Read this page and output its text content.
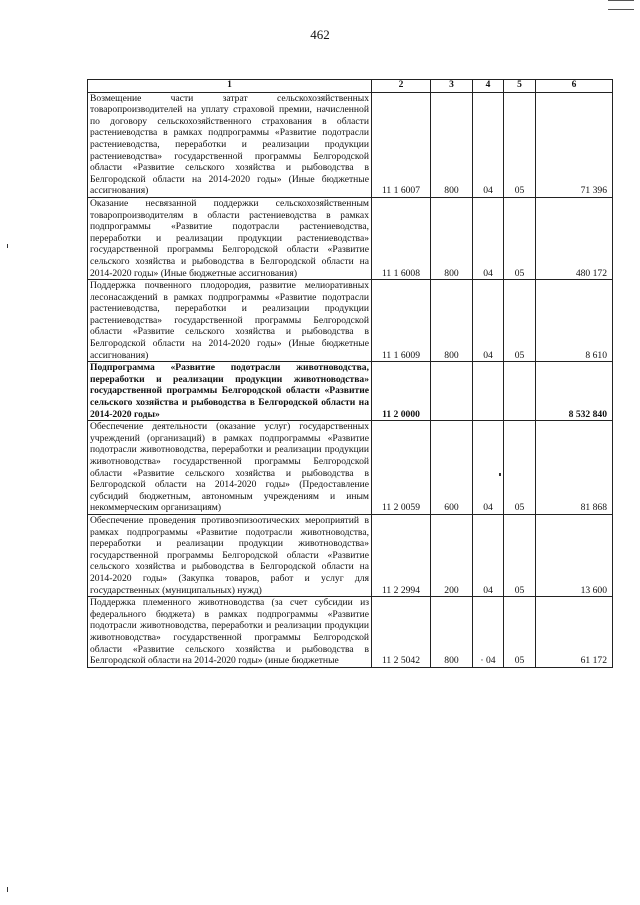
462
1	2	3	4	5	6
Возмещение части затрат сельскохозяйственных товаропроизводителей на уплату страховой премии, начисленной по договору сельскохозяйственного страхования в области растениеводства в рамках подпрограммы «Развитие подотрасли растениеводства, переработки и реализации продукции растениеводства» государственной программы Белгородской области «Развитие сельского хозяйства и рыбоводства в Белгородской области на 2014-2020 годы» (Иные бюджетные ассигнования)	11 1 6007	800	04	05	71 396
Оказание несвязанной поддержки сельскохозяйственным товаропроизводителям в области растениеводства в рамках подпрограммы «Развитие подотрасли растениеводства, переработки и реализации продукции растениеводства» государственной программы Белгородской области «Развитие сельского хозяйства и рыбоводства в Белгородской области на 2014-2020 годы» (Иные бюджетные ассигнования)	11 1 6008	800	04	05	480 172
Поддержка почвенного плодородия, развитие мелиоративных лесонасаждений в рамках подпрограммы «Развитие подотрасли растениеводства, переработки и реализации продукции растениеводства» государственной программы Белгородской области «Развитие сельского хозяйства и рыбоводства в Белгородской области на 2014-2020 годы» (Иные бюджетные ассигнования)	11 1 6009	800	04	05	8 610
Подпрограмма «Развитие подотрасли животноводства, переработки и реализации продукции животноводства» государственной программы Белгородской области «Развитие сельского хозяйства и рыбоводства в Белгородской области на 2014-2020 годы»	11 2 0000				8 532 840
Обеспечение деятельности (оказание услуг) государственных учреждений (организаций) в рамках подпрограммы «Развитие подотрасли животноводства, переработки и реализации продукции животноводства» государственной программы Белгородской области «Развитие сельского хозяйства и рыбоводства в Белгородской области на 2014-2020 годы» (Предоставление субсидий бюджетным, автономным учреждениям и иным некоммерческим организациям)	11 2 0059	600	04	05	81 868
Обеспечение проведения противоэпизоотических мероприятий в рамках подпрограммы «Развитие подотрасли животноводства, переработки и реализации продукции животноводства» государственной программы Белгородской области «Развитие сельского хозяйства и рыбоводства в Белгородской области на 2014-2020 годы» (Закупка товаров, работ и услуг для государственных (муниципальных) нужд)	11 2 2994	200	04	05	13 600
Поддержка племенного животноводства (за счет субсидии из федерального бюджета) в рамках подпрограммы «Развитие подотрасли животноводства, переработки и реализации продукции животноводства» государственной программы Белгородской области «Развитие сельского хозяйства и рыбоводства в Белгородской области на 2014-2020 годы» (иные бюджетные	11 2 5042	800	· 04	05	61 172
